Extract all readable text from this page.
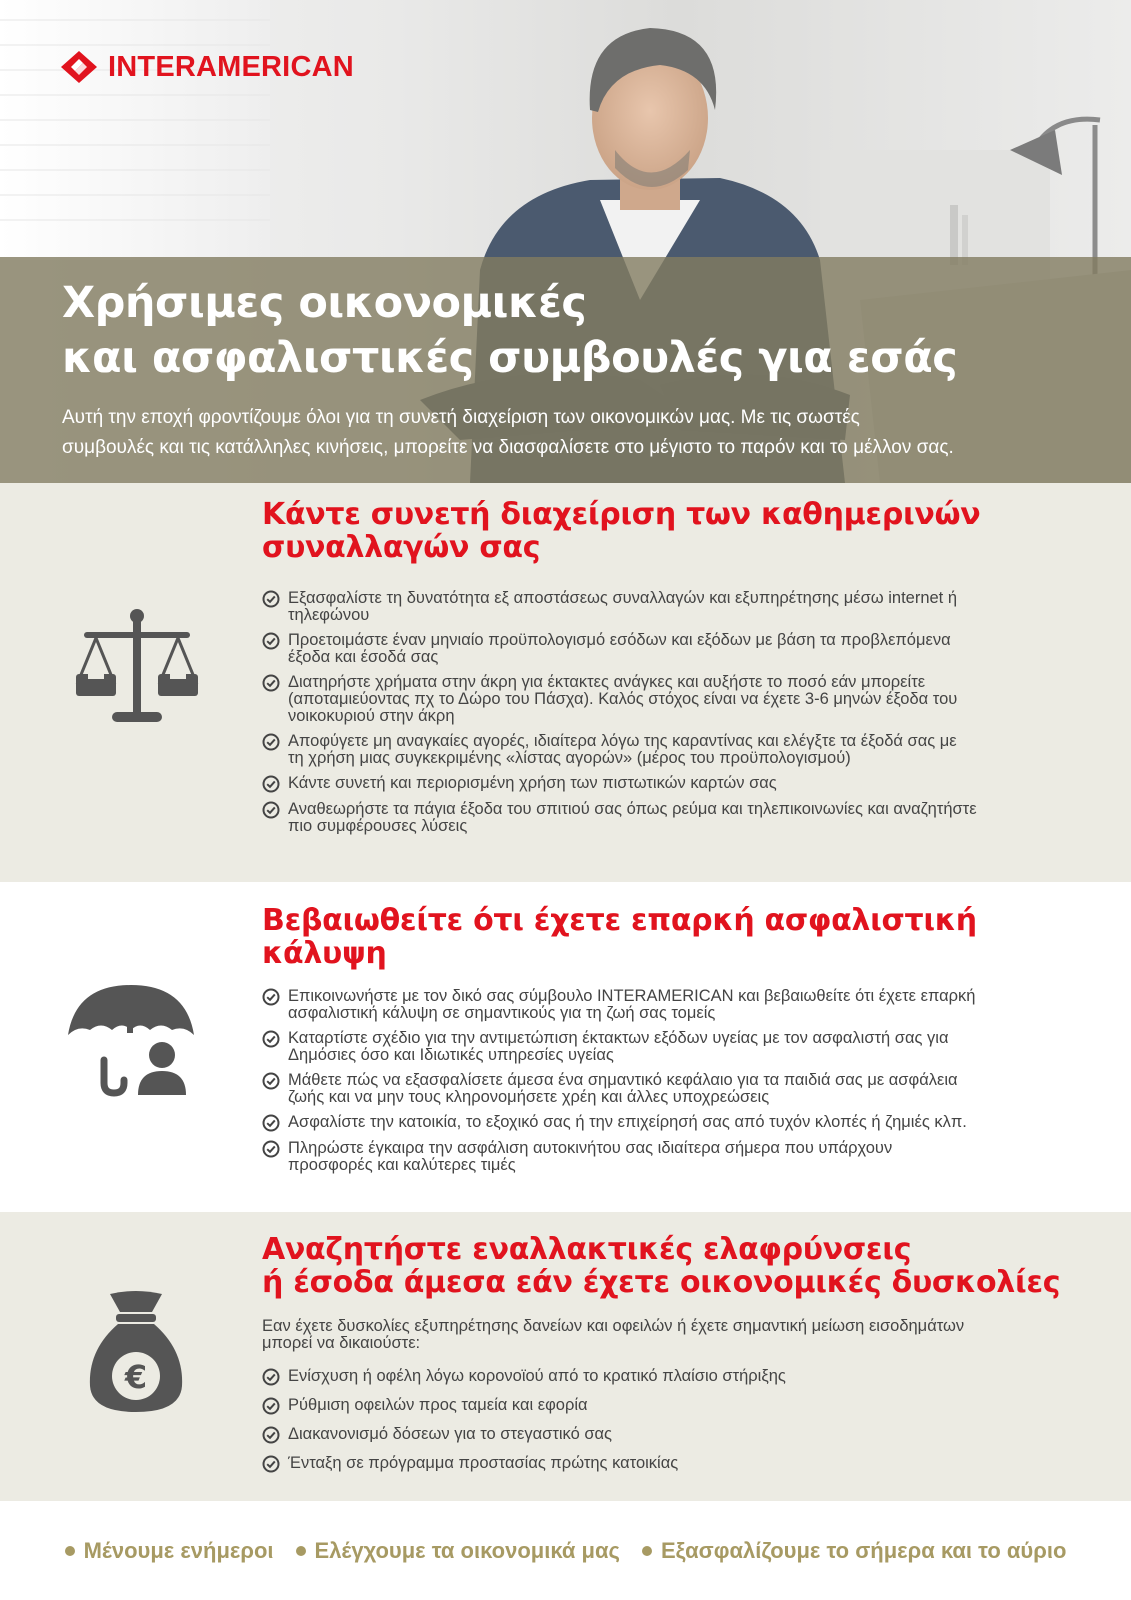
INTERAMERICAN
Χρήσιμες οικονομικές
και ασφαλιστικές συμβουλές για εσάς

Αυτή την εποχή φροντίζουμε όλοι για τη συνετή διαχείριση των οικονομικών μας. Με τις σωστές
συμβουλές και τις κατάλληλες κινήσεις, μπορείτε να διασφαλίσετε στο μέγιστο το παρόν και το μέλλον σας.

Κάντε συνετή διαχείριση των καθημερινών
συναλλαγών σας
Εξασφαλίστε τη δυνατότητα εξ αποστάσεως συναλλαγών και εξυπηρέτησης μέσω internet ή
τηλεφώνου
Προετοιμάστε έναν μηνιαίο προϋπολογισμό εσόδων και εξόδων με βάση τα προβλεπόμενα
έξοδα και έσοδά σας
Διατηρήστε χρήματα στην άκρη για έκτακτες ανάγκες και αυξήστε το ποσό εάν μπορείτε
(αποταμιεύοντας πχ το Δώρο του Πάσχα). Καλός στόχος είναι να έχετε 3-6 μηνών έξοδα του
νοικοκυριού στην άκρη
Αποφύγετε μη αναγκαίες αγορές, ιδιαίτερα λόγω της καραντίνας και ελέγξτε τα έξοδά σας με
τη χρήση μιας συγκεκριμένης «λίστας αγορών» (μέρος του προϋπολογισμού)
Κάντε συνετή και περιορισμένη χρήση των πιστωτικών καρτών σας
Αναθεωρήστε τα πάγια έξοδα του σπιτιού σας όπως ρεύμα και τηλεπικοινωνίες και αναζητήστε
πιο συμφέρουσες λύσεις
Βεβαιωθείτε ότι έχετε επαρκή ασφαλιστική
κάλυψη
Επικοινωνήστε με τον δικό σας σύμβουλο INTERAMERICAN και βεβαιωθείτε ότι έχετε επαρκή
ασφαλιστική κάλυψη σε σημαντικούς για τη ζωή σας τομείς
Καταρτίστε σχέδιο για την αντιμετώπιση έκτακτων εξόδων υγείας με τον ασφαλιστή σας για
Δημόσιες όσο και Ιδιωτικές υπηρεσίες υγείας
Μάθετε πώς να εξασφαλίσετε άμεσα ένα σημαντικό κεφάλαιο για τα παιδιά σας με ασφάλεια
ζωής και να μην τους κληρονομήσετε χρέη και άλλες υποχρεώσεις
Ασφαλίστε την κατοικία, το εξοχικό σας ή την επιχείρησή σας από τυχόν κλοπές ή ζημιές κλπ.
Πληρώστε έγκαιρα την ασφάλιση αυτοκινήτου σας ιδιαίτερα σήμερα που υπάρχουν
προσφορές και καλύτερες τιμές
€
Αναζητήστε εναλλακτικές ελαφρύνσεις
ή έσοδα άμεσα εάν έχετε οικονομικές δυσκολίες

Εαν έχετε δυσκολίες εξυπηρέτησης δανείων και οφειλών ή έχετε σημαντική μείωση εισοδημάτων
μπορεί να δικαιούστε:

Ενίσχυση ή οφέλη λόγω κορονοϊού από το κρατικό πλαίσιο στήριξης
Ρύθμιση οφειλών προς ταμεία και εφορία
Διακανονισμό δόσεων για το στεγαστικό σας
Ένταξη σε πρόγραμμα προστασίας πρώτης κατοικίας
Μένουμε ενήμεροι Ελέγχουμε τα οικονομικά μας Εξασφαλίζουμε το σήμερα και το αύριο
